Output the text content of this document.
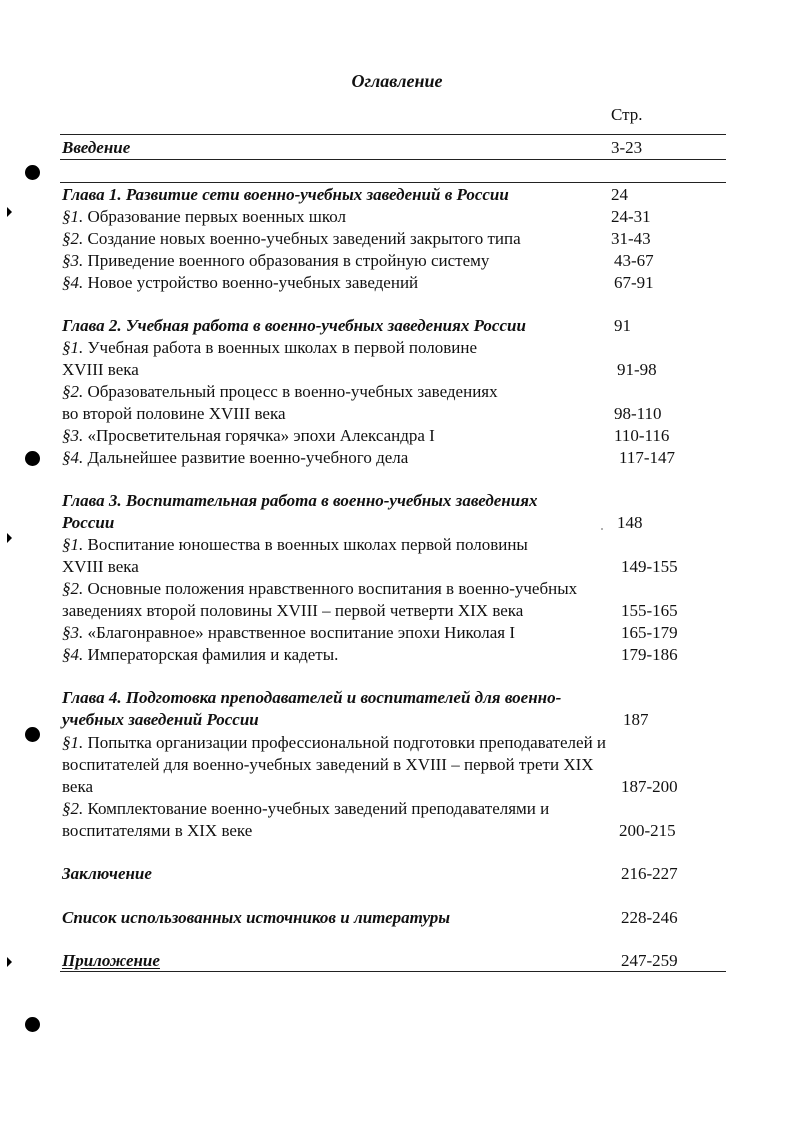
Оглавление
Стр.
Введение	3-23
Глава 1. Развитие сети военно-учебных заведений в России	24
§1. Образование первых военных школ	24-31
§2. Создание новых военно-учебных заведений закрытого типа	31-43
§3. Приведение военного образования в стройную систему	43-67
§4. Новое устройство военно-учебных заведений	67-91
Глава 2. Учебная работа в военно-учебных заведениях России	91
§1. Учебная работа в военных школах в первой половине
XVIII века	91-98
§2. Образовательный процесс в военно-учебных заведениях
во второй половине XVIII века	98-110
§3. «Просветительная горячка» эпохи Александра I	110-116
§4. Дальнейшее развитие военно-учебного дела	117-147
Глава 3. Воспитательная работа в военно-учебных заведениях
России	148
§1. Воспитание юношества в военных школах первой половины
XVIII века	149-155
§2. Основные положения нравственного воспитания в военно-учебных
заведениях второй половины XVIII – первой четверти XIX века	155-165
§3. «Благонравное» нравственное воспитание эпохи Николая I	165-179
§4. Императорская фамилия и кадеты.	179-186
Глава 4. Подготовка преподавателей и воспитателей для военно-
учебных заведений России	187
§1. Попытка организации профессиональной подготовки преподавателей и
воспитателей для военно-учебных заведений в XVIII – первой трети XIX
века	187-200
§2. Комплектование военно-учебных заведений преподавателями и
воспитателями в XIX веке	200-215
Заключение	216-227
Список использованных источников и литературы	228-246
Приложение	247-259
